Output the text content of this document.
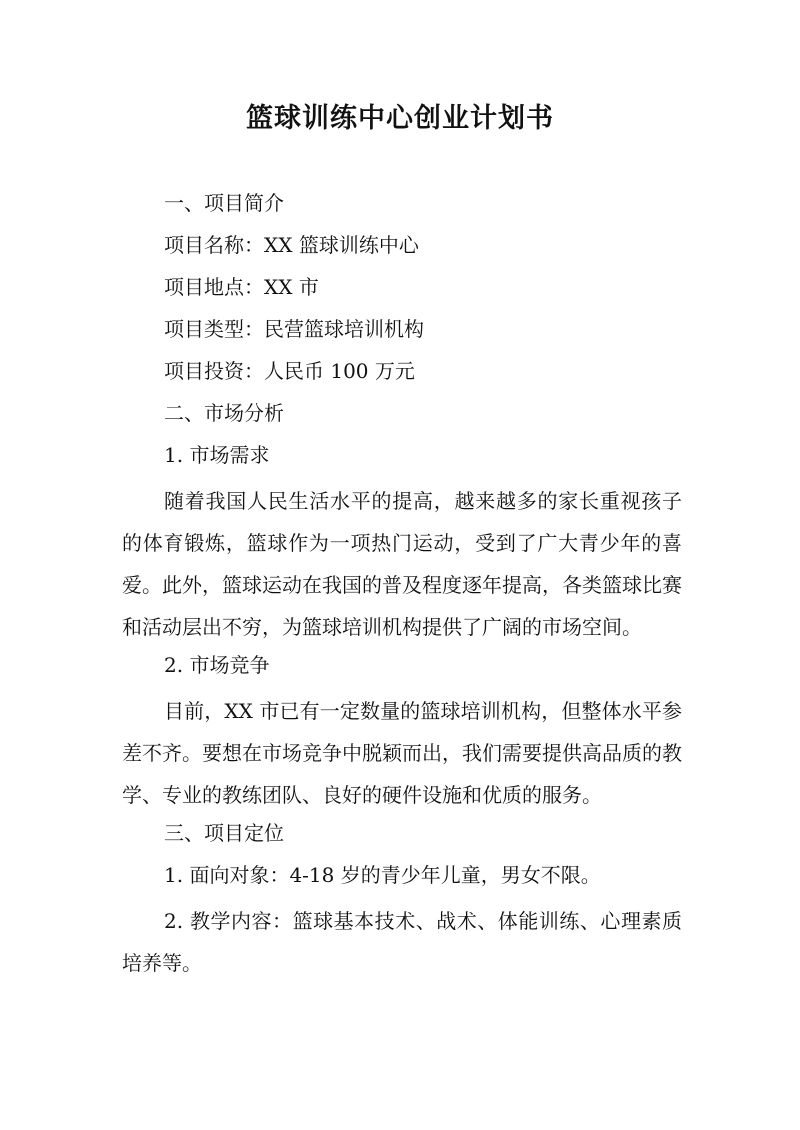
篮球训练中心创业计划书
一、项目简介
项目名称：XX 篮球训练中心
项目地点：XX 市
项目类型：民营篮球培训机构
项目投资：人民币 100 万元
二、市场分析
1. 市场需求

随着我国人民生活水平的提高，越来越多的家长重视孩子的体育锻炼，篮球作为一项热门运动，受到了广大青少年的喜爱。此外，篮球运动在我国的普及程度逐年提高，各类篮球比赛和活动层出不穷，为篮球培训机构提供了广阔的市场空间。

2. 市场竞争

目前，XX 市已有一定数量的篮球培训机构，但整体水平参差不齐。要想在市场竞争中脱颖而出，我们需要提供高品质的教学、专业的教练团队、良好的硬件设施和优质的服务。

三、项目定位
1. 面向对象：4-18 岁的青少年儿童，男女不限。

2. 教学内容：篮球基本技术、战术、体能训练、心理素质培养等。
